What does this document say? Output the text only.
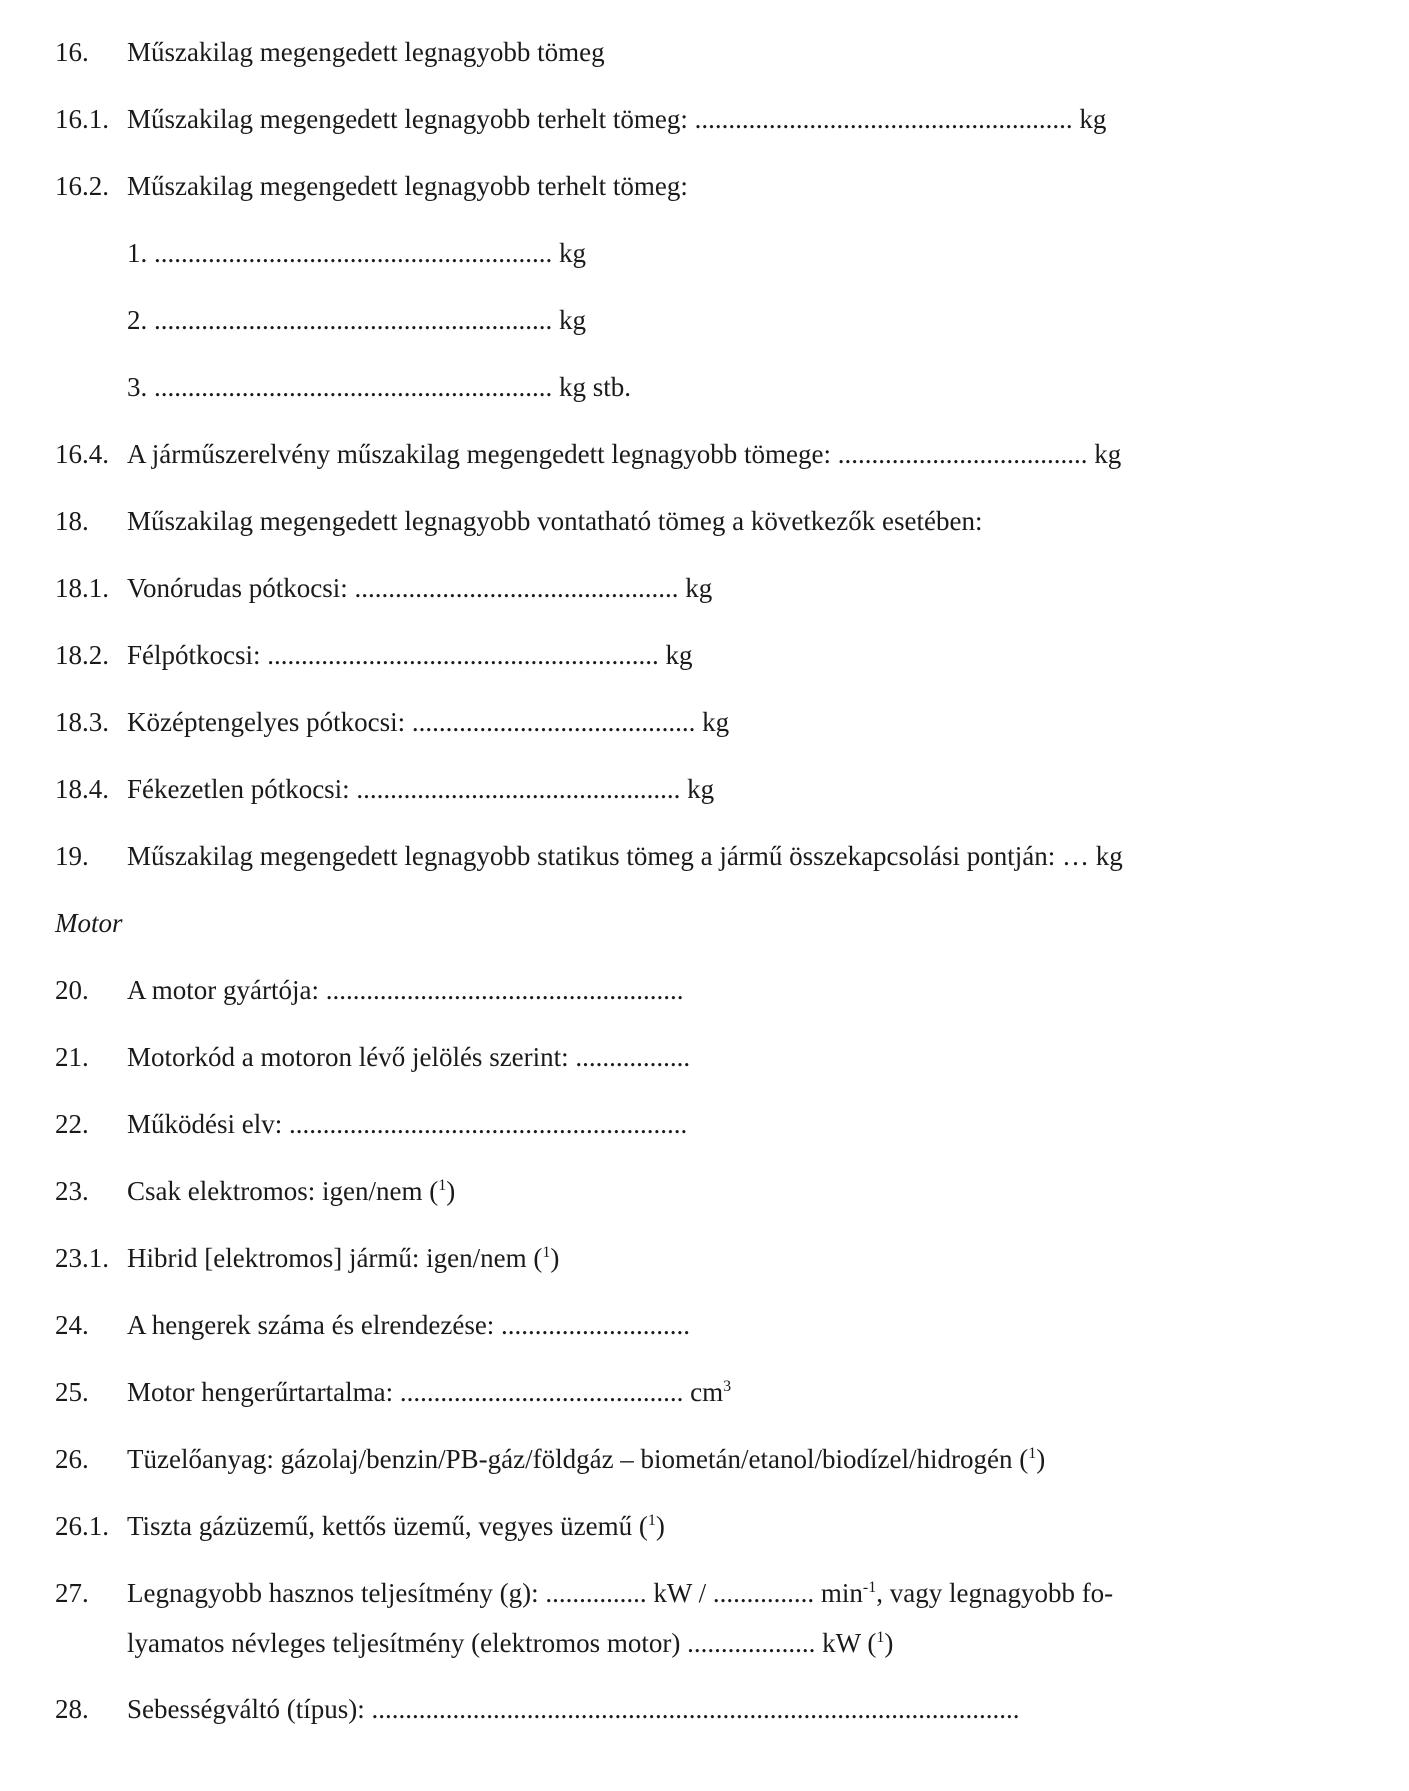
16. Műszakilag megengedett legnagyobb tömeg
16.1. Műszakilag megengedett legnagyobb terhelt tömeg: ........................................................ kg
16.2. Műszakilag megengedett legnagyobb terhelt tömeg:
1. ........................................................... kg
2. ........................................................... kg
3. ........................................................... kg stb.
16.4. A járműszerelvény műszakilag megengedett legnagyobb tömege: ..................................... kg
18. Műszakilag megengedett legnagyobb vontatható tömeg a következők esetében:
18.1. Vonórudas pótkocsi: ................................................ kg
18.2. Félpótkocsi: .......................................................... kg
18.3. Középtengelyes pótkocsi: .......................................... kg
18.4. Fékezetlen pótkocsi: ................................................ kg
19. Műszakilag megengedett legnagyobb statikus tömeg a jármű összekapcsolási pontján: … kg
Motor
20. A motor gyártója: .....................................................
21. Motorkód a motoron lévő jelölés szerint: .................
22. Működési elv: ...........................................................
23. Csak elektromos: igen/nem ($^1$)
23.1. Hibrid [elektromos] jármű: igen/nem ($^1$)
24. A hengerek száma és elrendezése: ............................
25. Motor hengerűrtartalma: .......................................... $cm^3$
26. Tüzelőanyag: gázolaj/benzin/PB-gáz/földgáz – biometán/etanol/biodízel/hidrogén ($^1$)
26.1. Tiszta gázüzemű, kettős üzemű, vegyes üzemű ($^1$)
27. Legnagyobb hasznos teljesítmény (g): ............... kW / ............... $\min^{-1}$, vagy legnagyobb fo-
lyamatos névleges teljesítmény (elektromos motor) ................... kW ($^1$)
28. Sebességváltó (típus): ................................................................................................
